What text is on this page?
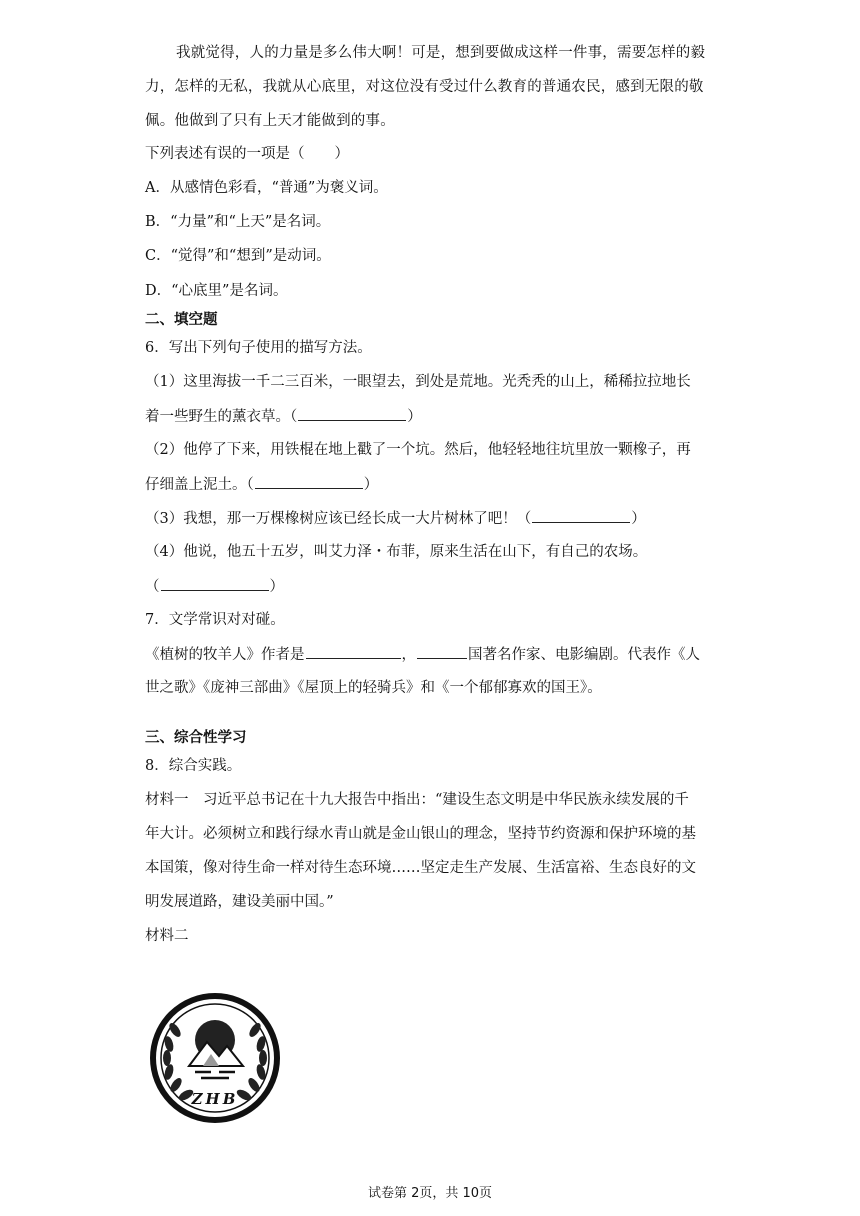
我就觉得，人的力量是多么伟大啊！可是，想到要做成这样一件事，需要怎样的毅
力，怎样的无私，我就从心底里，对这位没有受过什么教育的普通农民，感到无限的敬
佩。他做到了只有上天才能做到的事。
下列表述有误的一项是（ ）
A．从感情色彩看，“普通”为褒义词。
B．“力量”和“上天”是名词。
C．“觉得”和“想到”是动词。
D．“心底里”是名词。
二、填空题
6．写出下列句子使用的描写方法。
（1）这里海拔一千二三百米，一眼望去，到处是荒地。光秃秃的山上，稀稀拉拉地长
着一些野生的薰衣草。（	）
（2）他停了下来，用铁棍在地上戳了一个坑。然后，他轻轻地往坑里放一颗橡子，再
仔细盖上泥土。（	）
（3）我想，那一万棵橡树应该已经长成一大片树林了吧！（	）
（4）他说，他五十五岁，叫艾力泽・布菲，原来生活在山下，有自己的农场。
（	）
7．文学常识对对碰。
《植树的牧羊人》作者是	，	国著名作家、电影编剧。代表作《人
世之歌》《庞神三部曲》《屋顶上的轻骑兵》和《一个郁郁寡欢的国王》。
三、综合性学习
8．综合实践。
材料一　习近平总书记在十九大报告中指出：“建设生态文明是中华民族永续发展的千
年大计。必须树立和践行绿水青山就是金山银山的理念，坚持节约资源和保护环境的基
本国策，像对待生命一样对待生态环境……坚定走生产发展、生活富裕、生态良好的文
明发展道路，建设美丽中国。”
材料二
ZHB
试卷第 2页，共 10页
